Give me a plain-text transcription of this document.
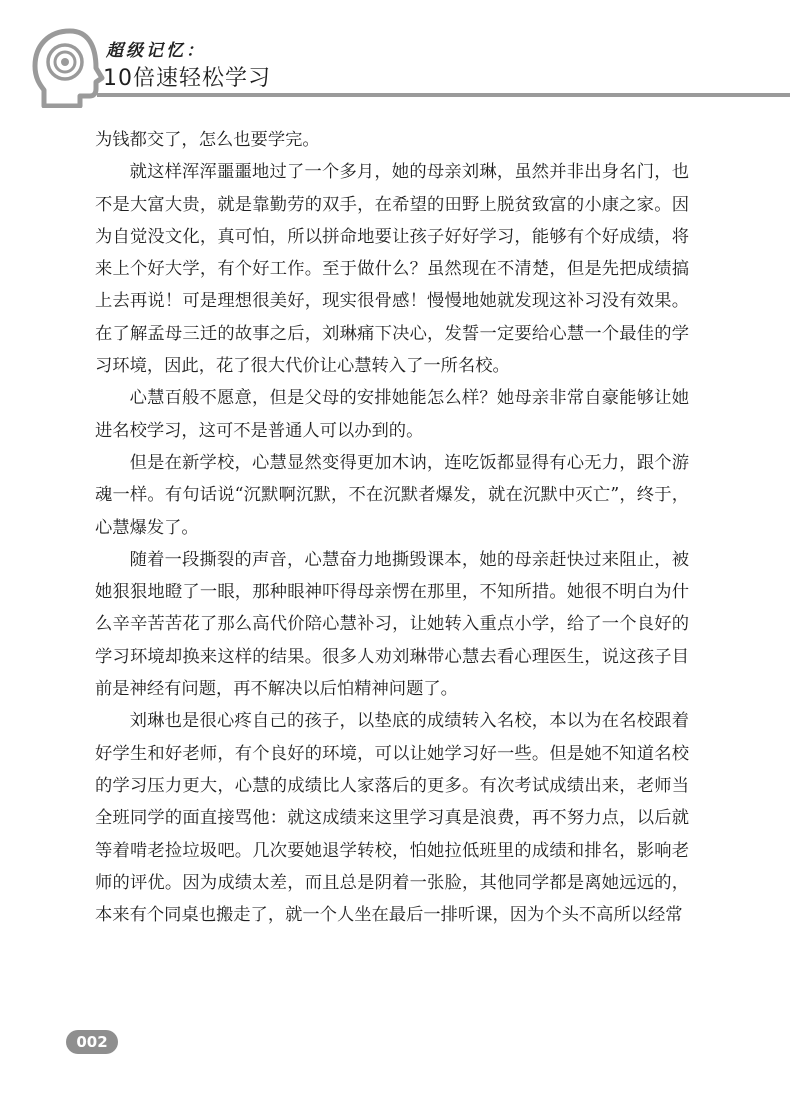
超级记忆：
10倍速轻松学习

为钱都交了，怎么也要学完。

就这样浑浑噩噩地过了一个多月，她的母亲刘琳，虽然并非出身名门，也不是大富大贵，就是靠勤劳的双手，在希望的田野上脱贫致富的小康之家。因为自觉没文化，真可怕，所以拼命地要让孩子好好学习，能够有个好成绩，将来上个好大学，有个好工作。至于做什么？虽然现在不清楚，但是先把成绩搞上去再说！可是理想很美好，现实很骨感！慢慢地她就发现这补习没有效果。在了解孟母三迁的故事之后，刘琳痛下决心，发誓一定要给心慧一个最佳的学习环境，因此，花了很大代价让心慧转入了一所名校。

心慧百般不愿意，但是父母的安排她能怎么样？她母亲非常自豪能够让她进名校学习，这可不是普通人可以办到的。

但是在新学校，心慧显然变得更加木讷，连吃饭都显得有心无力，跟个游魂一样。有句话说“沉默啊沉默，不在沉默者爆发，就在沉默中灭亡”，终于，心慧爆发了。

随着一段撕裂的声音，心慧奋力地撕毁课本，她的母亲赶快过来阻止，被她狠狠地瞪了一眼，那种眼神吓得母亲愣在那里，不知所措。她很不明白为什么辛辛苦苦花了那么高代价陪心慧补习，让她转入重点小学，给了一个良好的学习环境却换来这样的结果。很多人劝刘琳带心慧去看心理医生，说这孩子目前是神经有问题，再不解决以后怕精神问题了。

刘琳也是很心疼自己的孩子，以垫底的成绩转入名校，本以为在名校跟着好学生和好老师，有个良好的环境，可以让她学习好一些。但是她不知道名校的学习压力更大，心慧的成绩比人家落后的更多。有次考试成绩出来，老师当全班同学的面直接骂他：就这成绩来这里学习真是浪费，再不努力点，以后就等着啃老捡垃圾吧。几次要她退学转校，怕她拉低班里的成绩和排名，影响老师的评优。因为成绩太差，而且总是阴着一张脸，其他同学都是离她远远的，本来有个同桌也搬走了，就一个人坐在最后一排听课，因为个头不高所以经常

002
